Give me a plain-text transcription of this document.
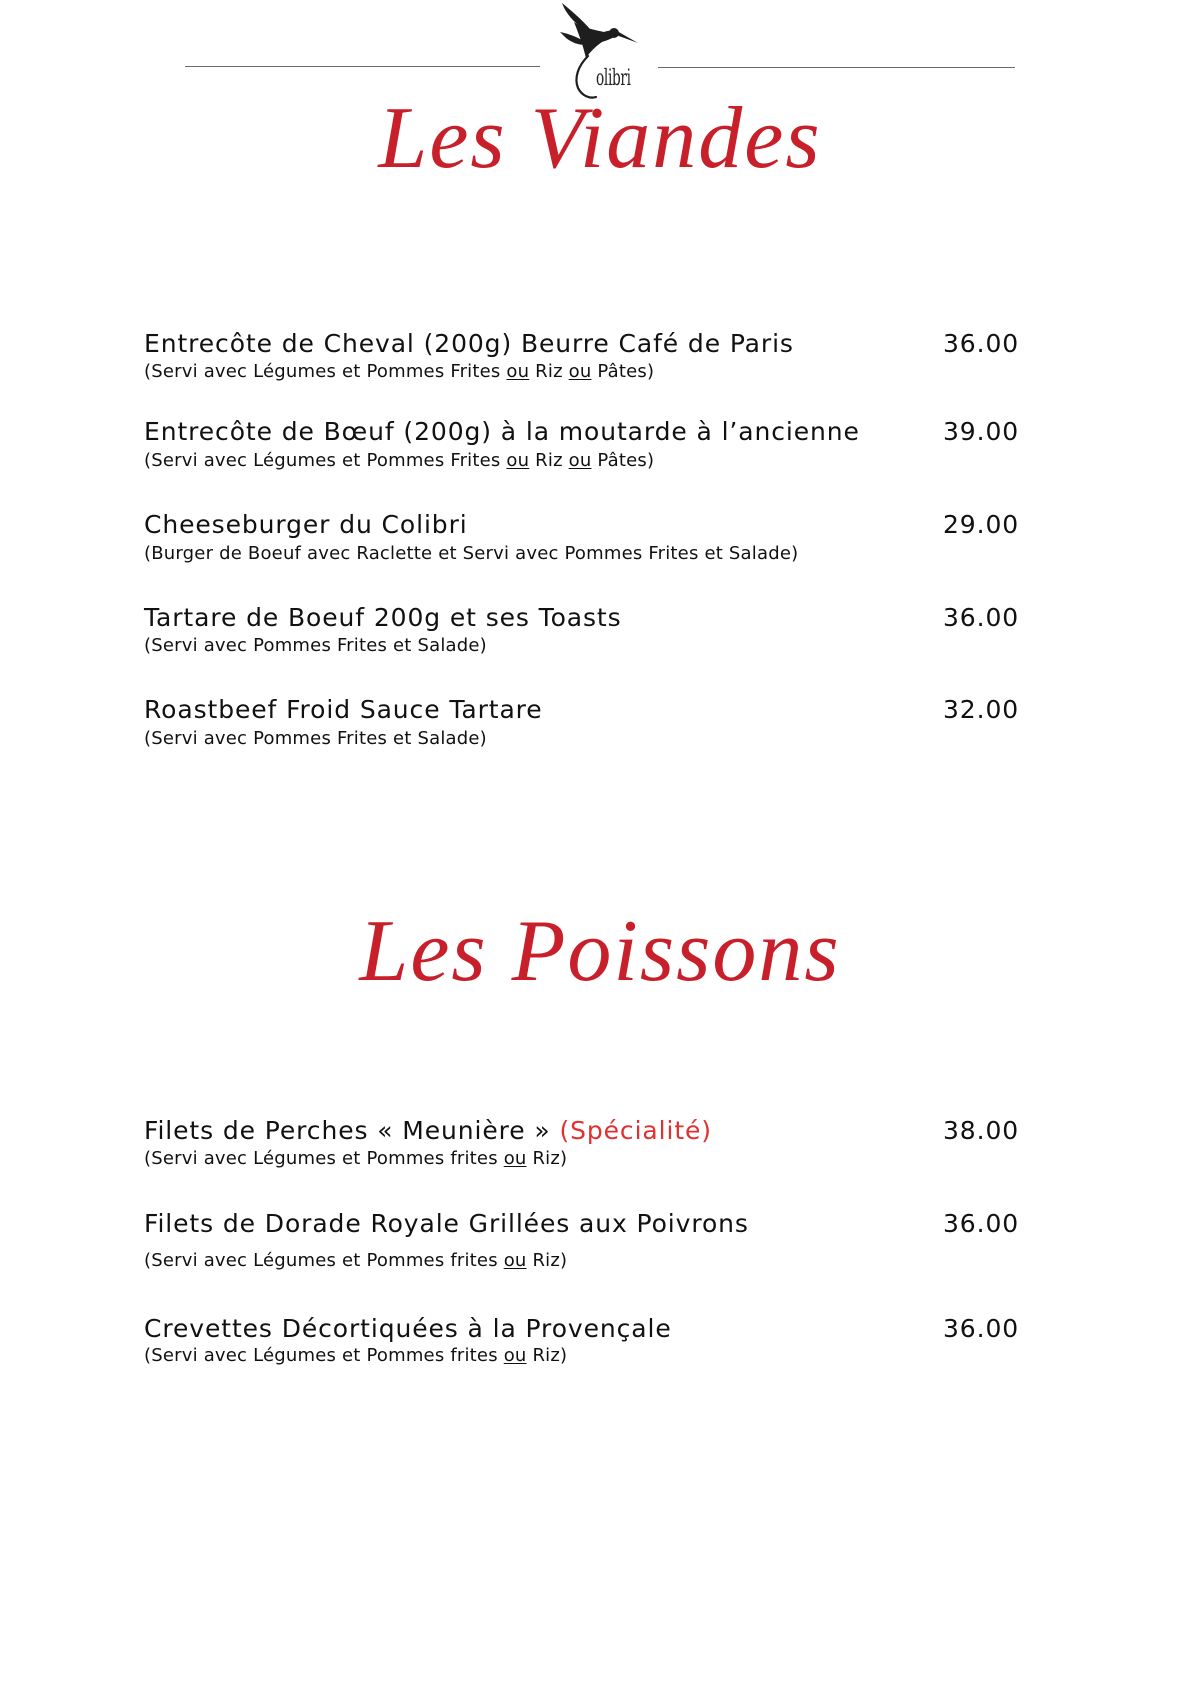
olibri
Les Viandes
Entrecôte de Cheval (200g) Beurre Café de Paris	36.00
(Servi avec Légumes et Pommes Frites ou Riz ou Pâtes)
Entrecôte de Bœuf (200g) à la moutarde à l’ancienne	39.00
(Servi avec Légumes et Pommes Frites ou Riz ou Pâtes)
Cheeseburger du Colibri	29.00
(Burger de Boeuf avec Raclette et Servi avec Pommes Frites et Salade)
Tartare de Boeuf 200g et ses Toasts	36.00
(Servi avec Pommes Frites et Salade)
Roastbeef Froid Sauce Tartare	32.00
(Servi avec Pommes Frites et Salade)
Les Poissons
Filets de Perches « Meunière » (Spécialité)	38.00
(Servi avec Légumes et Pommes frites ou Riz)
Filets de Dorade Royale Grillées aux Poivrons	36.00
(Servi avec Légumes et Pommes frites ou Riz)
Crevettes Décortiquées à la Provençale	36.00
(Servi avec Légumes et Pommes frites ou Riz)
